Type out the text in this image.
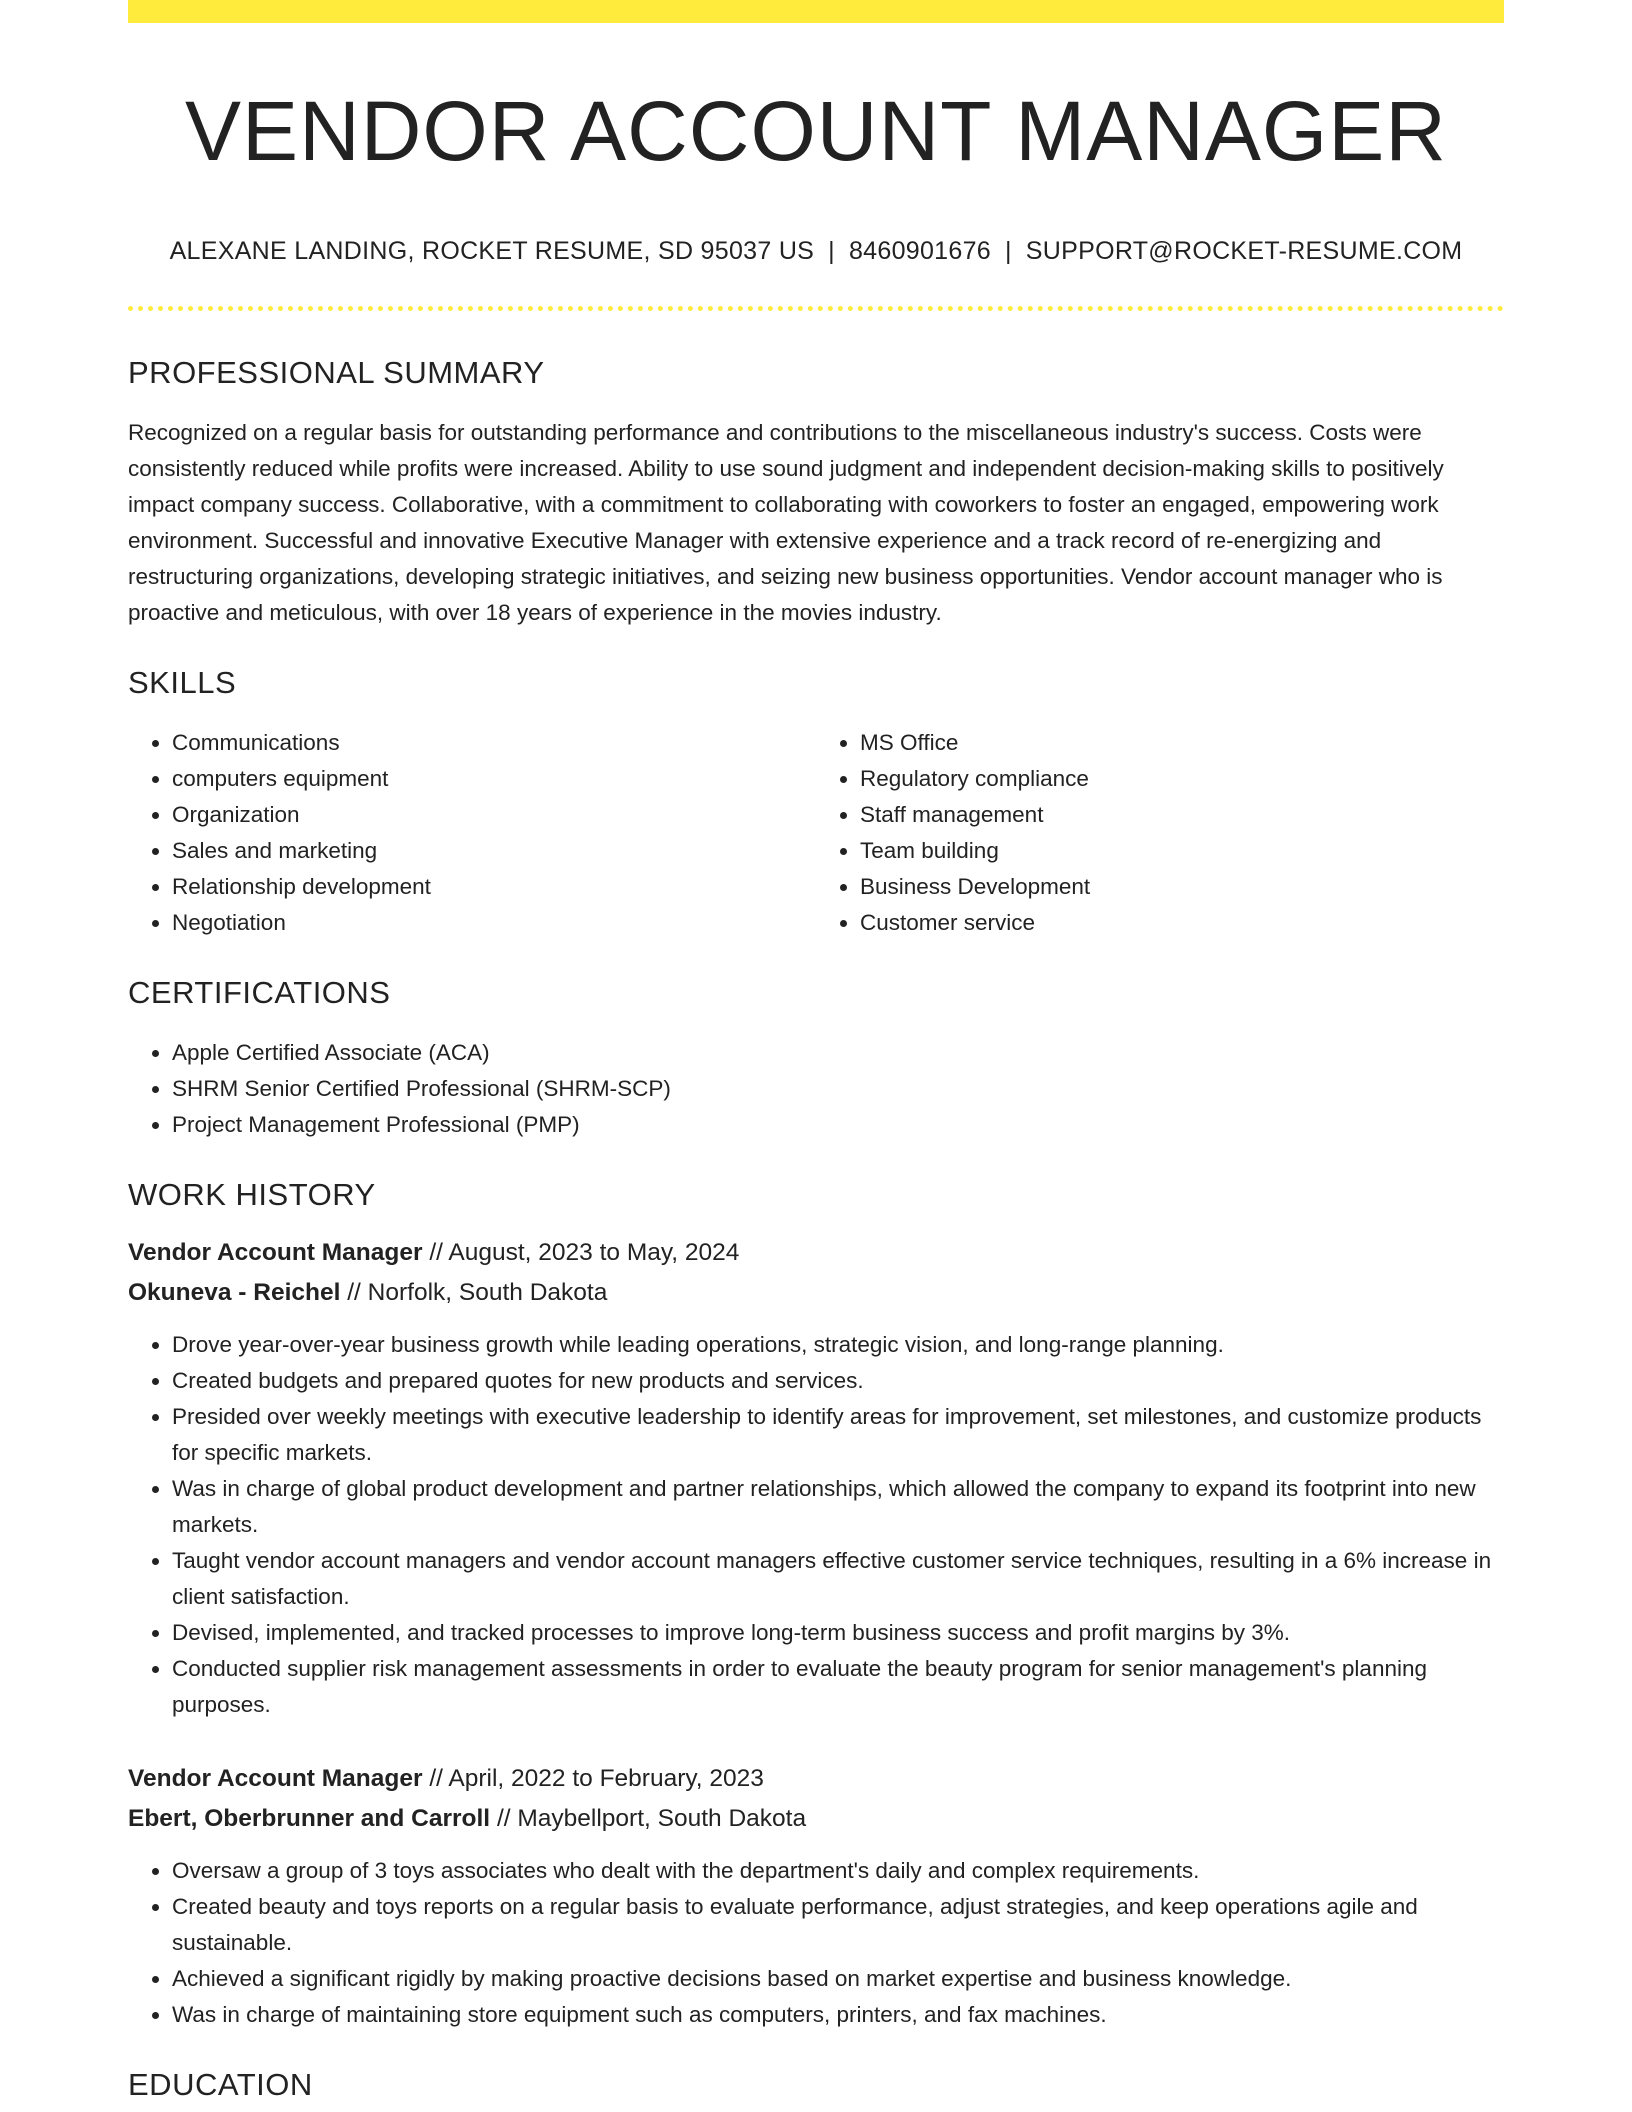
VENDOR ACCOUNT MANAGER
ALEXANE LANDING, ROCKET RESUME, SD 95037 US | 8460901676 | SUPPORT@ROCKET-RESUME.COM
PROFESSIONAL SUMMARY

Recognized on a regular basis for outstanding performance and contributions to the miscellaneous industry's success. Costs were consistently reduced while profits were increased. Ability to use sound judgment and independent decision-making skills to positively impact company success. Collaborative, with a commitment to collaborating with coworkers to foster an engaged, empowering work environment. Successful and innovative Executive Manager with extensive experience and a track record of re-energizing and restructuring organizations, developing strategic initiatives, and seizing new business opportunities. Vendor account manager who is proactive and meticulous, with over 18 years of experience in the movies industry.

SKILLS
• Communications
• computers equipment
• Organization
• Sales and marketing
• Relationship development
• Negotiation
• MS Office
• Regulatory compliance
• Staff management
• Team building
• Business Development
• Customer service
CERTIFICATIONS
• Apple Certified Associate (ACA)
• SHRM Senior Certified Professional (SHRM-SCP)
• Project Management Professional (PMP)
WORK HISTORY
Vendor Account Manager // August, 2023 to May, 2024
Okuneva - Reichel // Norfolk, South Dakota
• Drove year-over-year business growth while leading operations, strategic vision, and long-range planning.
• Created budgets and prepared quotes for new products and services.
• Presided over weekly meetings with executive leadership to identify areas for improvement, set milestones, and customize products for specific markets.
• Was in charge of global product development and partner relationships, which allowed the company to expand its footprint into new markets.
• Taught vendor account managers and vendor account managers effective customer service techniques, resulting in a 6% increase in client satisfaction.
• Devised, implemented, and tracked processes to improve long-term business success and profit margins by 3%.
• Conducted supplier risk management assessments in order to evaluate the beauty program for senior management's planning purposes.
Vendor Account Manager // April, 2022 to February, 2023
Ebert, Oberbrunner and Carroll // Maybellport, South Dakota
• Oversaw a group of 3 toys associates who dealt with the department's daily and complex requirements.
• Created beauty and toys reports on a regular basis to evaluate performance, adjust strategies, and keep operations agile and sustainable.
• Achieved a significant rigidly by making proactive decisions based on market expertise and business knowledge.
• Was in charge of maintaining store equipment such as computers, printers, and fax machines.
EDUCATION
